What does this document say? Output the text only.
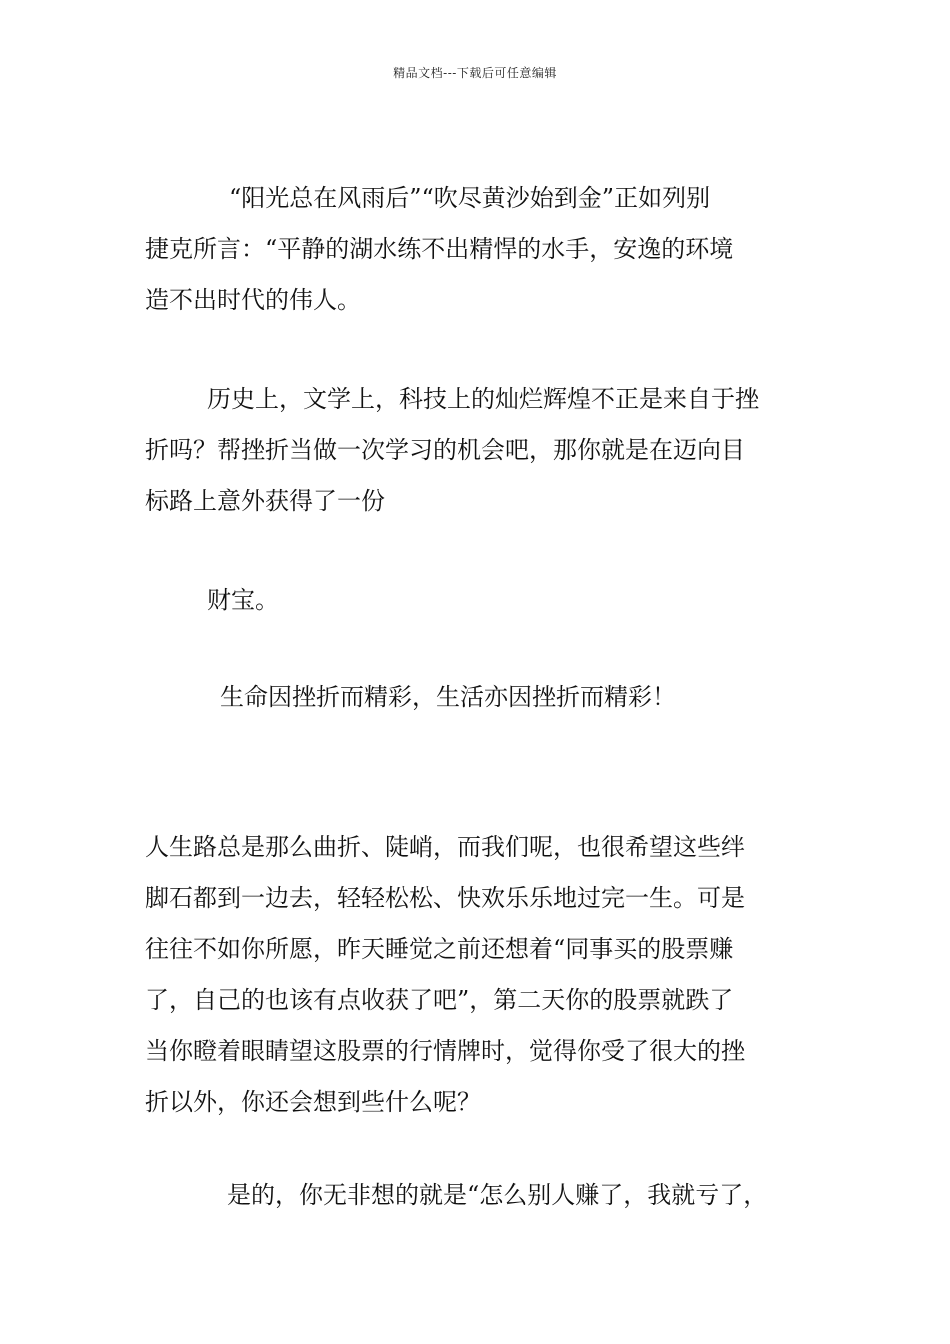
精品文档---下载后可任意编辑

“阳光总在风雨后”“吹尽黄沙始到金”正如列别
捷克所言：“平静的湖水练不出精悍的水手，安逸的环境
造不出时代的伟人。

历史上，文学上，科技上的灿烂辉煌不正是来自于挫
折吗？帮挫折当做一次学习的机会吧，那你就是在迈向目
标路上意外获得了一份

财宝。

生命因挫折而精彩，生活亦因挫折而精彩！

人生路总是那么曲折、陡峭，而我们呢，也很希望这些绊
脚石都到一边去，轻轻松松、快欢乐乐地过完一生。可是
往往不如你所愿，昨天睡觉之前还想着“同事买的股票赚
了，自己的也该有点收获了吧”，第二天你的股票就跌了
当你瞪着眼睛望这股票的行情牌时，觉得你受了很大的挫
折以外，你还会想到些什么呢？

是的，你无非想的就是“怎么别人赚了，我就亏了，
